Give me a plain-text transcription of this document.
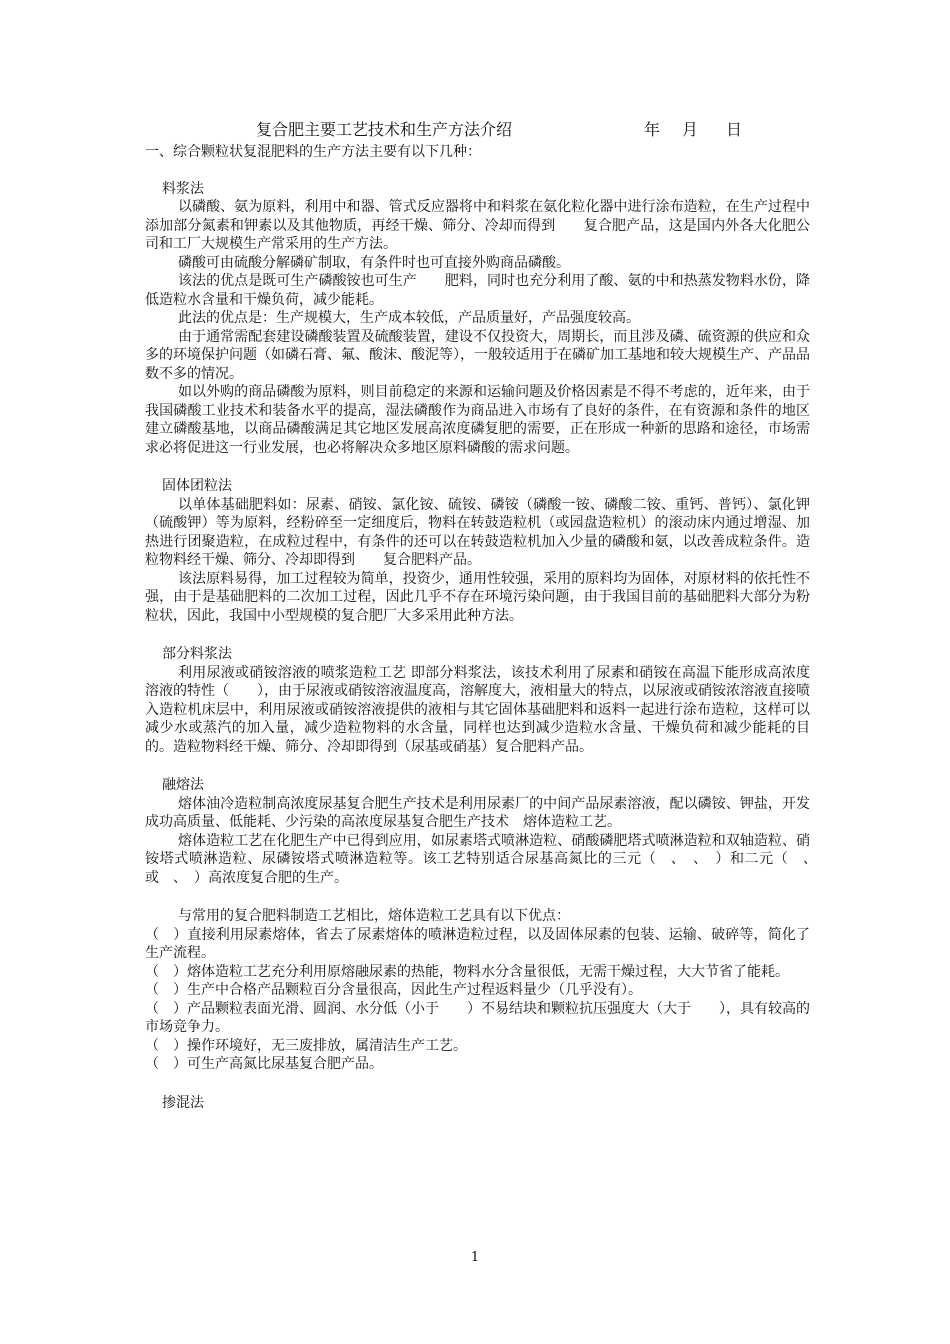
复合肥主要工艺技术和生产方法介绍	年 月 日

一、综合颗粒状复混肥料的生产方法主要有以下几种：

料浆法

以磷酸、氨为原料，利用中和器、管式反应器将中和料浆在氨化粒化器中进行涂布造粒，在生产过程中添加部分氮素和钾素以及其他物质，再经干燥、筛分、冷却而得到　　复合肥产品，这是国内外各大化肥公司和工厂大规模生产常采用的生产方法。

磷酸可由硫酸分解磷矿制取，有条件时也可直接外购商品磷酸。

该法的优点是既可生产磷酸铵也可生产　　肥料，同时也充分利用了酸、氨的中和热蒸发物料水份，降低造粒水含量和干燥负荷，减少能耗。

此法的优点是：生产规模大，生产成本较低，产品质量好，产品强度较高。

由于通常需配套建设磷酸装置及硫酸装置，建设不仅投资大，周期长，而且涉及磷、硫资源的供应和众多的环境保护问题（如磷石膏、氟、酸沫、酸泥等），一般较适用于在磷矿加工基地和较大规模生产、产品品数不多的情况。

如以外购的商品磷酸为原料，则目前稳定的来源和运输问题及价格因素是不得不考虑的，近年来，由于我国磷酸工业技术和装备水平的提高，湿法磷酸作为商品进入市场有了良好的条件，在有资源和条件的地区建立磷酸基地，以商品磷酸满足其它地区发展高浓度磷复肥的需要，正在形成一种新的思路和途径，市场需求必将促进这一行业发展，也必将解决众多地区原料磷酸的需求问题。

固体团粒法

以单体基础肥料如：尿素、硝铵、氯化铵、硫铵、磷铵（磷酸一铵、磷酸二铵、重钙、普钙）、氯化钾（硫酸钾）等为原料，经粉碎至一定细度后，物料在转鼓造粒机（或园盘造粒机）的滚动床内通过增湿、加热进行团聚造粒，在成粒过程中，有条件的还可以在转鼓造粒机加入少量的磷酸和氨，以改善成粒条件。造粒物料经干燥、筛分、冷却即得到　　复合肥料产品。

该法原料易得，加工过程较为简单，投资少，通用性较强，采用的原料均为固体，对原材料的依托性不强，由于是基础肥料的二次加工过程，因此几乎不存在环境污染问题，由于我国目前的基础肥料大部分为粉粒状，因此，我国中小型规模的复合肥厂大多采用此种方法。

部分料浆法

利用尿液或硝铵溶液的喷浆造粒工艺 即部分料浆法，该技术利用了尿素和硝铵在高温下能形成高浓度溶液的特性（　　），由于尿液或硝铵溶液温度高，溶解度大，液相量大的特点，以尿液或硝铵浓溶液直接喷入造粒机床层中，利用尿液或硝铵溶液提供的液相与其它固体基础肥料和返料一起进行涂布造粒，这样可以减少水或蒸汽的加入量，减少造粒物料的水含量，同样也达到减少造粒水含量、干燥负荷和减少能耗的目的。造粒物料经干燥、筛分、冷却即得到（尿基或硝基）复合肥料产品。

融熔法

熔体油冷造粒制高浓度尿基复合肥生产技术是利用尿素厂的中间产品尿素溶液，配以磷铵、钾盐，开发成功高质量、低能耗、少污染的高浓度尿基复合肥生产技术　熔体造粒工艺。

熔体造粒工艺在化肥生产中已得到应用，如尿素塔式喷淋造粒、硝酸磷肥塔式喷淋造粒和双轴造粒、硝铵塔式喷淋造粒、尿磷铵塔式喷淋造粒等。该工艺特别适合尿基高氮比的三元（　、　、　）和二元（　、　或　、　）高浓度复合肥的生产。

与常用的复合肥料制造工艺相比，熔体造粒工艺具有以下优点：

（　）直接利用尿素熔体，省去了尿素熔体的喷淋造粒过程，以及固体尿素的包装、运输、破碎等，简化了生产流程。

（　）熔体造粒工艺充分利用原熔融尿素的热能，物料水分含量很低，无需干燥过程，大大节省了能耗。

（　）生产中合格产品颗粒百分含量很高，因此生产过程返料量少（几乎没有）。

（　）产品颗粒表面光滑、圆润、水分低（小于　　）不易结块和颗粒抗压强度大（大于　　），具有较高的市场竞争力。

（　）操作环境好，无三废排放，属清洁生产工艺。

（　）可生产高氮比尿基复合肥产品。

掺混法

1
